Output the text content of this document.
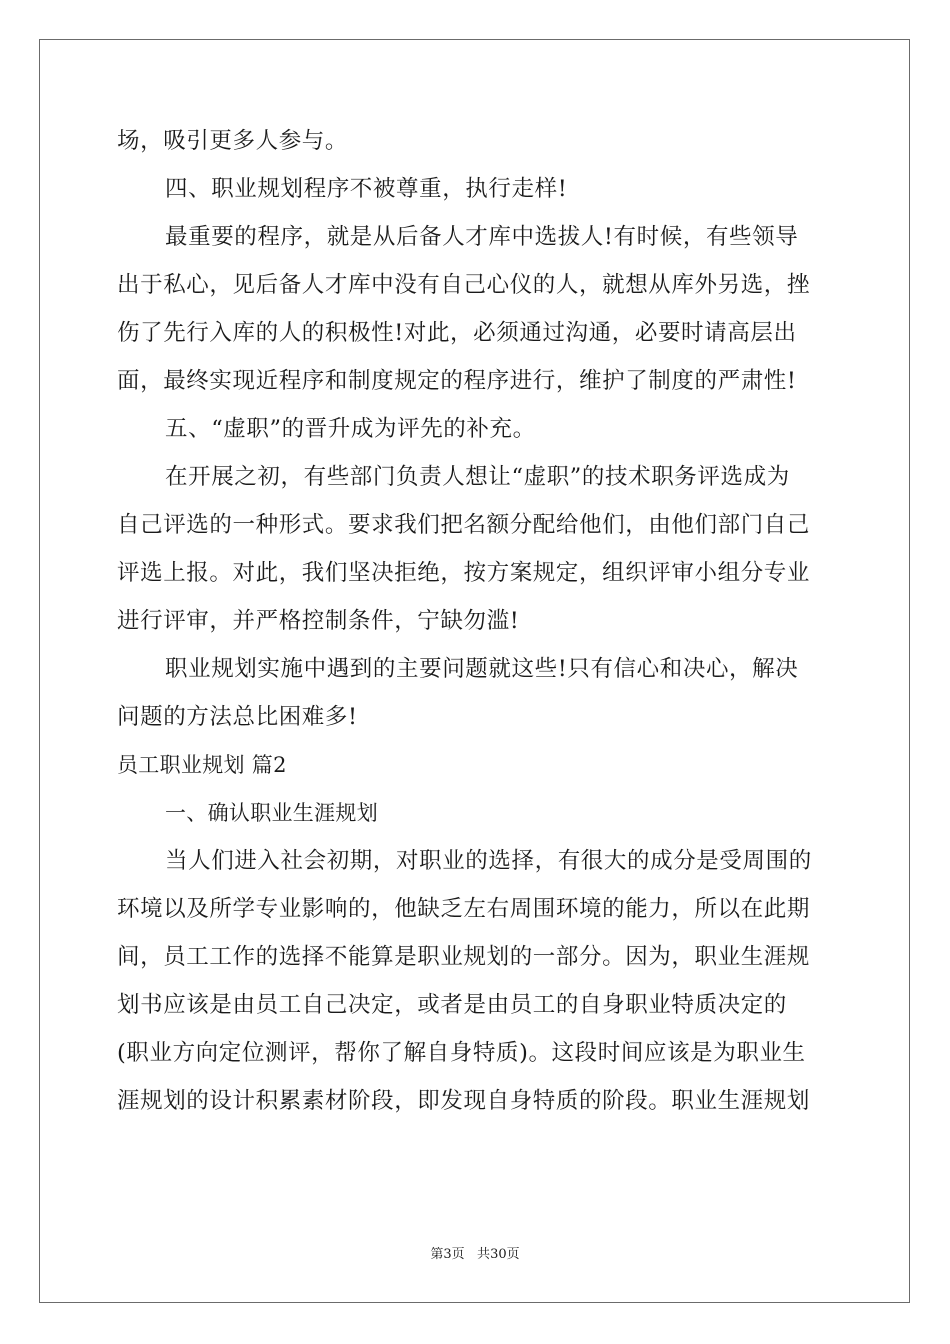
场，吸引更多人参与。
四、职业规划程序不被尊重，执行走样!
最重要的程序，就是从后备人才库中选拔人!有时候，有些领导
出于私心，见后备人才库中没有自己心仪的人，就想从库外另选，挫
伤了先行入库的人的积极性!对此，必须通过沟通，必要时请高层出
面，最终实现近程序和制度规定的程序进行，维护了制度的严肃性!
五、“虚职”的晋升成为评先的补充。
在开展之初，有些部门负责人想让“虚职”的技术职务评选成为
自己评选的一种形式。要求我们把名额分配给他们，由他们部门自己
评选上报。对此，我们坚决拒绝，按方案规定，组织评审小组分专业
进行评审，并严格控制条件，宁缺勿滥!
职业规划实施中遇到的主要问题就这些!只有信心和决心，解决
问题的方法总比困难多!
员工职业规划 篇2
一、确认职业生涯规划
当人们进入社会初期，对职业的选择，有很大的成分是受周围的
环境以及所学专业影响的，他缺乏左右周围环境的能力，所以在此期
间，员工工作的选择不能算是职业规划的一部分。因为，职业生涯规
划书应该是由员工自己决定，或者是由员工的自身职业特质决定的
(职业方向定位测评，帮你了解自身特质)。这段时间应该是为职业生
涯规划的设计积累素材阶段，即发现自身特质的阶段。职业生涯规划
第3页   共30页
